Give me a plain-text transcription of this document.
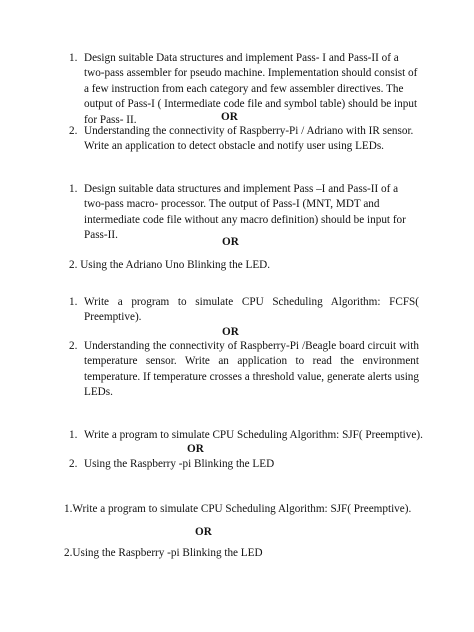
1. Design suitable Data structures and implement Pass- I and Pass-II of a two-pass assembler for pseudo machine. Implementation should consist of a few instruction from each category and few assembler directives. The output of Pass-I ( Intermediate code file and symbol table) should be input for Pass- II.	OR
2. Understanding the connectivity of Raspberry-Pi / Adriano with IR sensor. Write an application to detect obstacle and notify user using LEDs.
1. Design suitable data structures and implement Pass –I and Pass-II of a two-pass macro- processor. The output of Pass-I (MNT, MDT and intermediate code file without any macro definition) should be input for Pass-II.
OR
2. Using the Adriano Uno Blinking the LED.
1. Write a program to simulate CPU Scheduling Algorithm: FCFS( Preemptive).
OR
2. Understanding the connectivity of Raspberry-Pi /Beagle board circuit with temperature sensor. Write an application to read the environment temperature. If temperature crosses a threshold value, generate alerts using LEDs.
1. Write a program to simulate CPU Scheduling Algorithm: SJF( Preemptive).
OR
2. Using the Raspberry -pi Blinking the LED
1.Write a program to simulate CPU Scheduling Algorithm: SJF( Preemptive).
OR
2.Using the Raspberry -pi Blinking the LED
